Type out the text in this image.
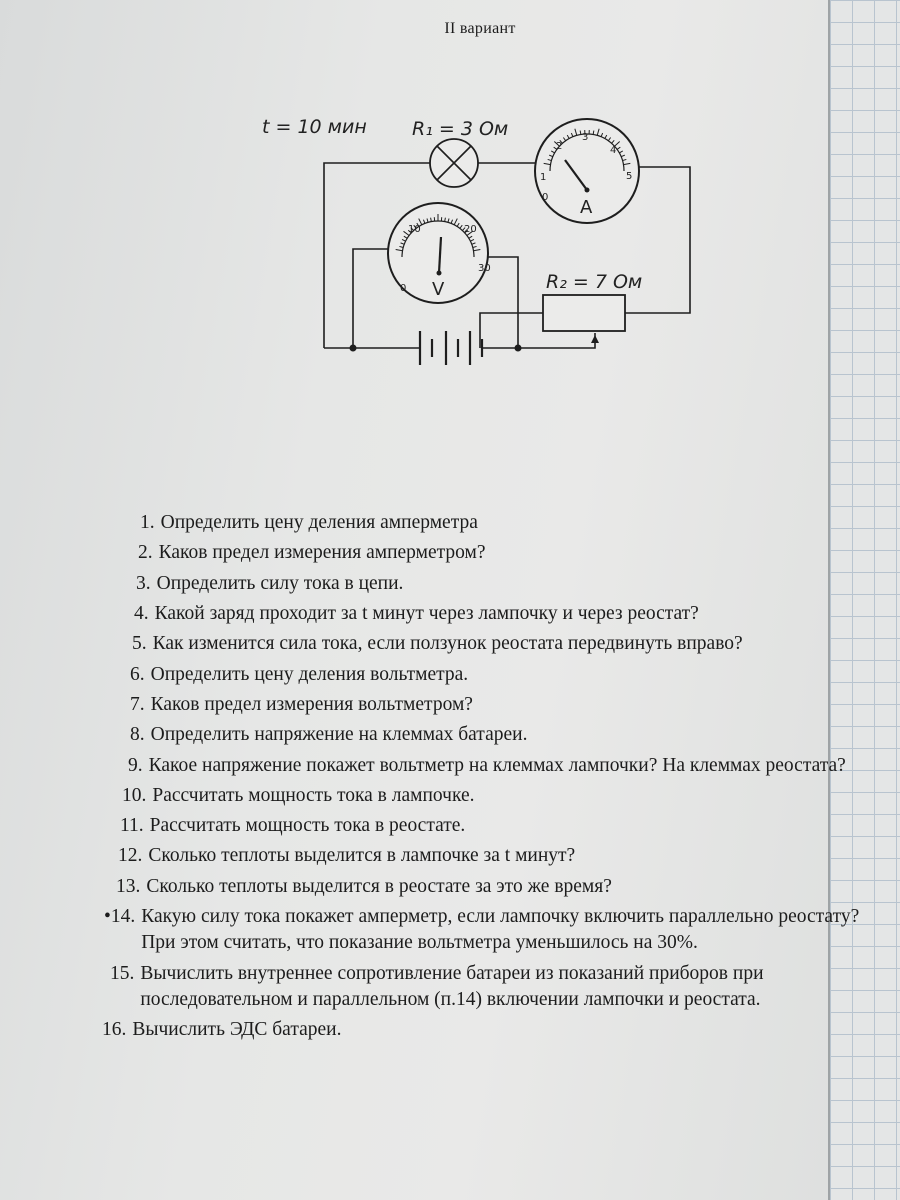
II вариант
R₁ = 3 Ом
t = 10 мин
0
1
2
3
4
5
A
0
10	20
30
V	R₂ = 7 Ом
1. Определить цену деления амперметра
2. Каков предел измерения амперметром?
3. Определить силу тока в цепи.
4. Какой заряд проходит за t минут через лампочку и через реостат?
5. Как изменится сила тока, если ползунок реостата передвинуть вправо?
6. Определить цену деления вольтметра.
7. Каков предел измерения вольтметром?
8. Определить напряжение на клеммах батареи.
9. Какое напряжение покажет вольтметр на клеммах лампочки? На клеммах реостата?
10. Рассчитать мощность тока в лампочке.
11. Рассчитать мощность тока в реостате.
12. Сколько теплоты выделится в лампочке за t минут?
13. Сколько теплоты выделится в реостате за это же время?
•14. Какую силу тока покажет амперметр, если лампочку включить параллельно реостату? При этом считать, что показание вольтметра уменьшилось на 30%.
15. Вычислить внутреннее сопротивление батареи из показаний приборов при последовательном и параллельном (п.14) включении лампочки и реостата.
16. Вычислить ЭДС батареи.
